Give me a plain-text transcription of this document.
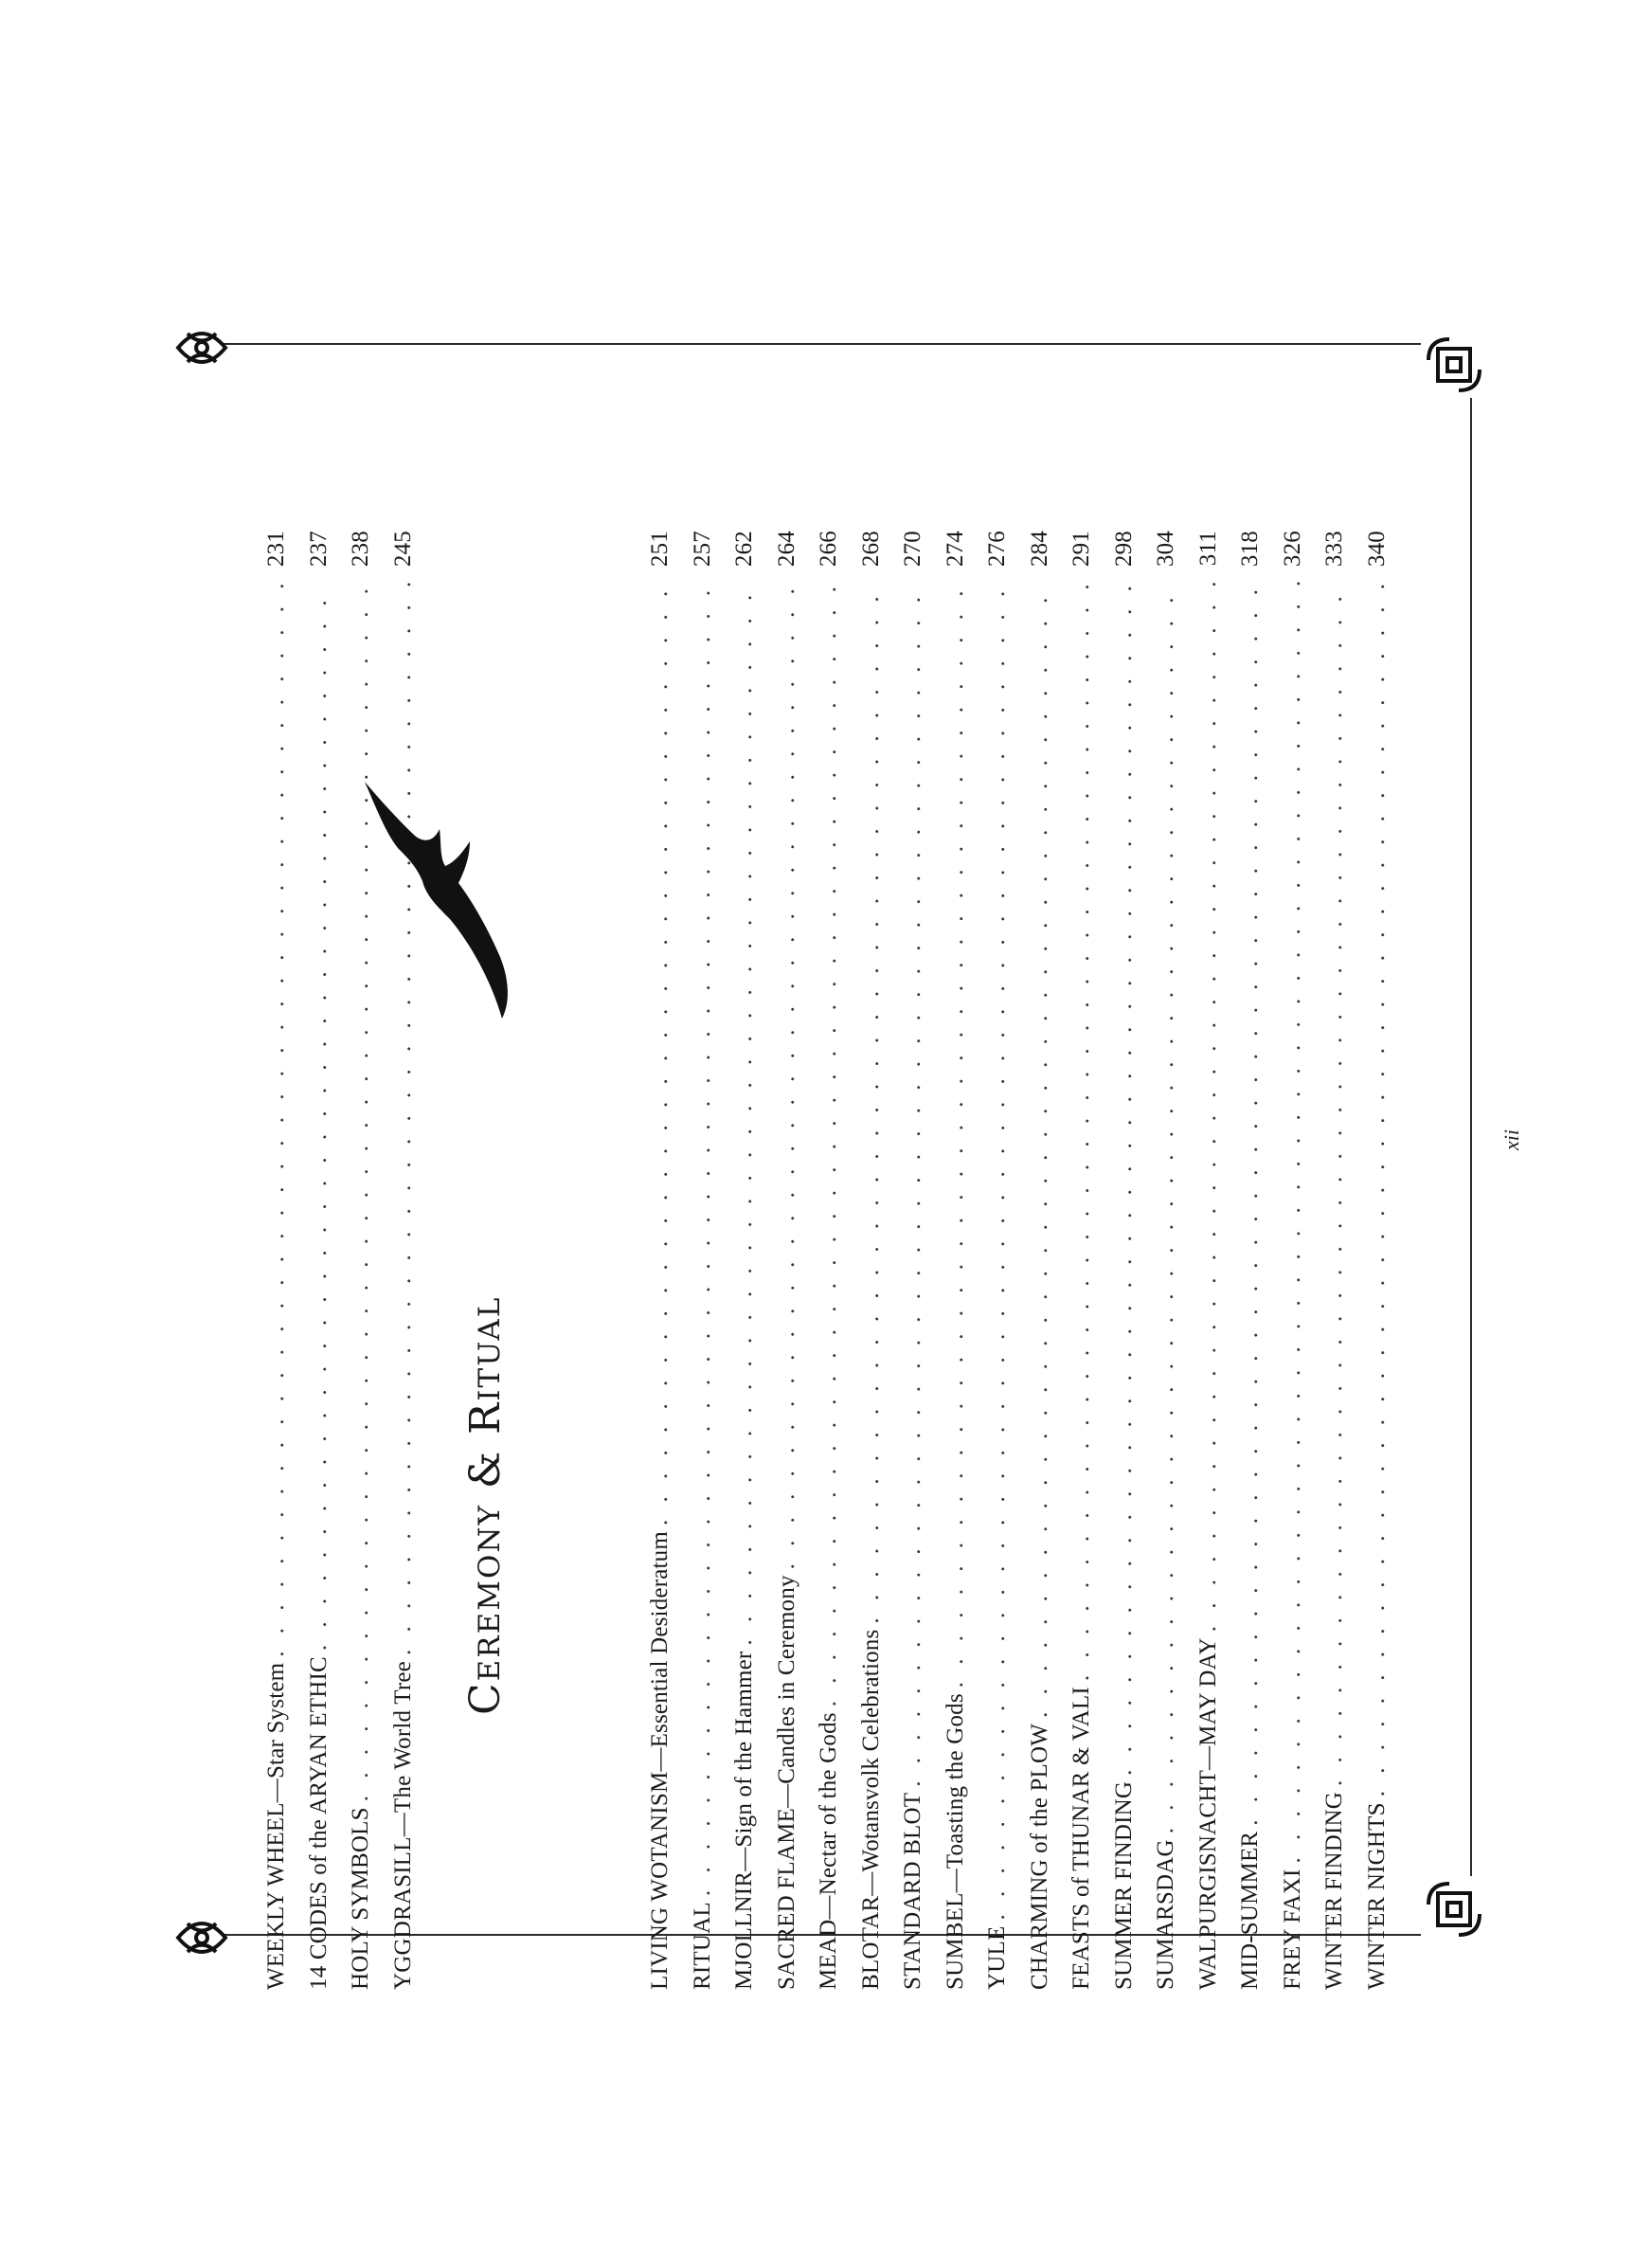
WEEKLY WHEEL—Star System
. . .
231
14 CODES of the ARYAN ETHIC
. . .
237
HOLY SYMBOLS
. . .
238
YGGDRASILL—The World Tree
. . .
245
Ceremony & Ritual
LIVING WOTANISM—Essential Desideratum
. . .
251
RITUAL
. . .
257
MJOLLNIR—Sign of the Hammer
. . .
262
SACRED FLAME—Candles in Ceremony
. . .
264
MEAD—Nectar of the Gods
. . .
266
BLOTAR—Wotansvolk Celebrations
. . .
268
STANDARD BLOT
. . .
270
SUMBEL—Toasting the Gods
. . .
274
YULE
. . .
276
CHARMING of the PLOW
. . .
284
FEASTS of THUNAR & VALI
. . .
291
SUMMER FINDING
. . .
298
SUMARSDAG
. . .
304
WALPURGISNACHT—MAY DAY
. . .
311
MID-SUMMER
. . .
318
FREY FAXI
. . .
326
WINTER FINDING
. . .
333
WINTER NIGHTS
. . .
340
xii
